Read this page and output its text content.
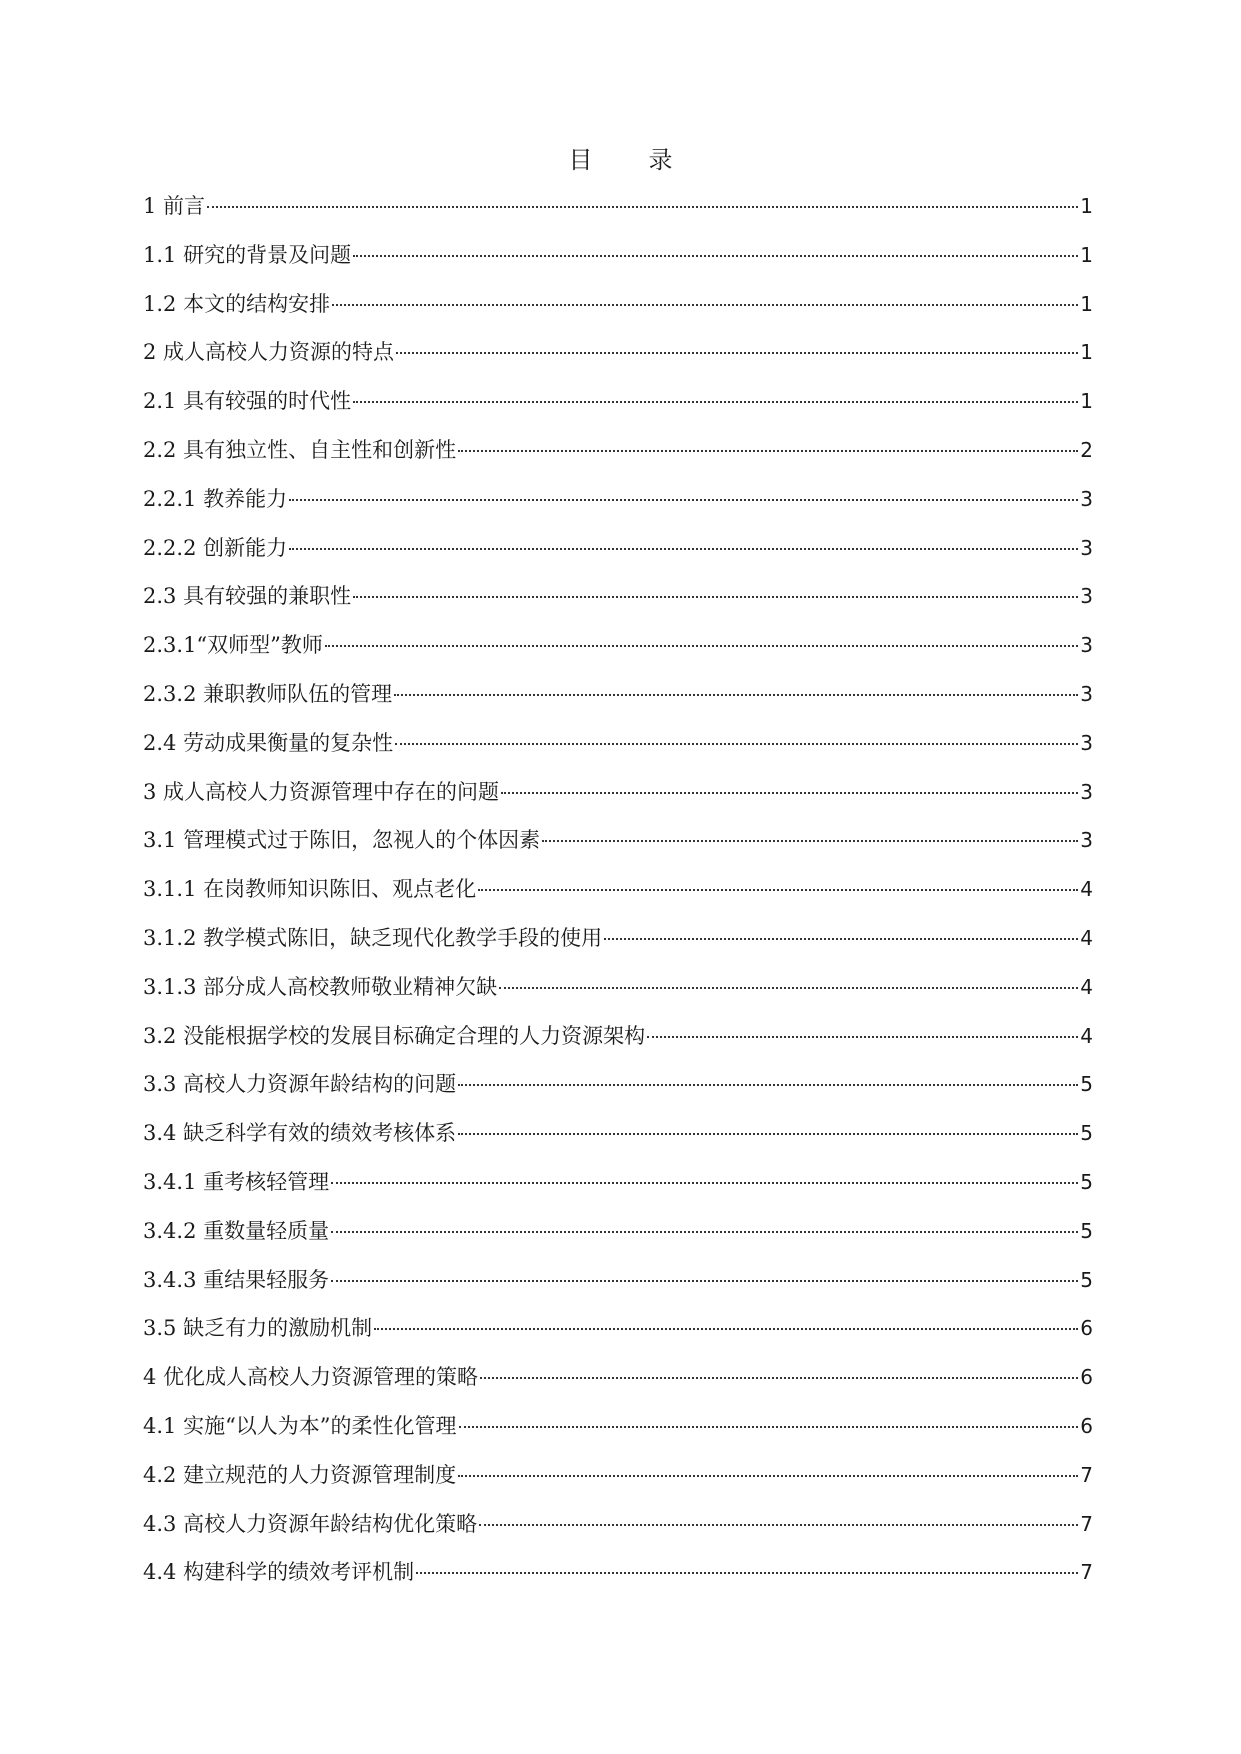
目 录
1 前言	1
1.1 研究的背景及问题	1
1.2 本文的结构安排	1
2 成人高校人力资源的特点	1
2.1 具有较强的时代性	1
2.2 具有独立性、自主性和创新性	2
2.2.1 教养能力	3
2.2.2 创新能力	3
2.3 具有较强的兼职性	3
2.3.1“双师型”教师	3
2.3.2 兼职教师队伍的管理	3
2.4 劳动成果衡量的复杂性	3
3 成人高校人力资源管理中存在的问题	3
3.1 管理模式过于陈旧，忽视人的个体因素	3
3.1.1 在岗教师知识陈旧、观点老化	4
3.1.2 教学模式陈旧，缺乏现代化教学手段的使用	4
3.1.3 部分成人高校教师敬业精神欠缺	4
3.2 没能根据学校的发展目标确定合理的人力资源架构	4
3.3 高校人力资源年龄结构的问题	5
3.4 缺乏科学有效的绩效考核体系	5
3.4.1 重考核轻管理	5
3.4.2 重数量轻质量	5
3.4.3 重结果轻服务	5
3.5 缺乏有力的激励机制	6
4 优化成人高校人力资源管理的策略	6
4.1 实施“以人为本”的柔性化管理	6
4.2 建立规范的人力资源管理制度	7
4.3 高校人力资源年龄结构优化策略	7
4.4 构建科学的绩效考评机制	7
